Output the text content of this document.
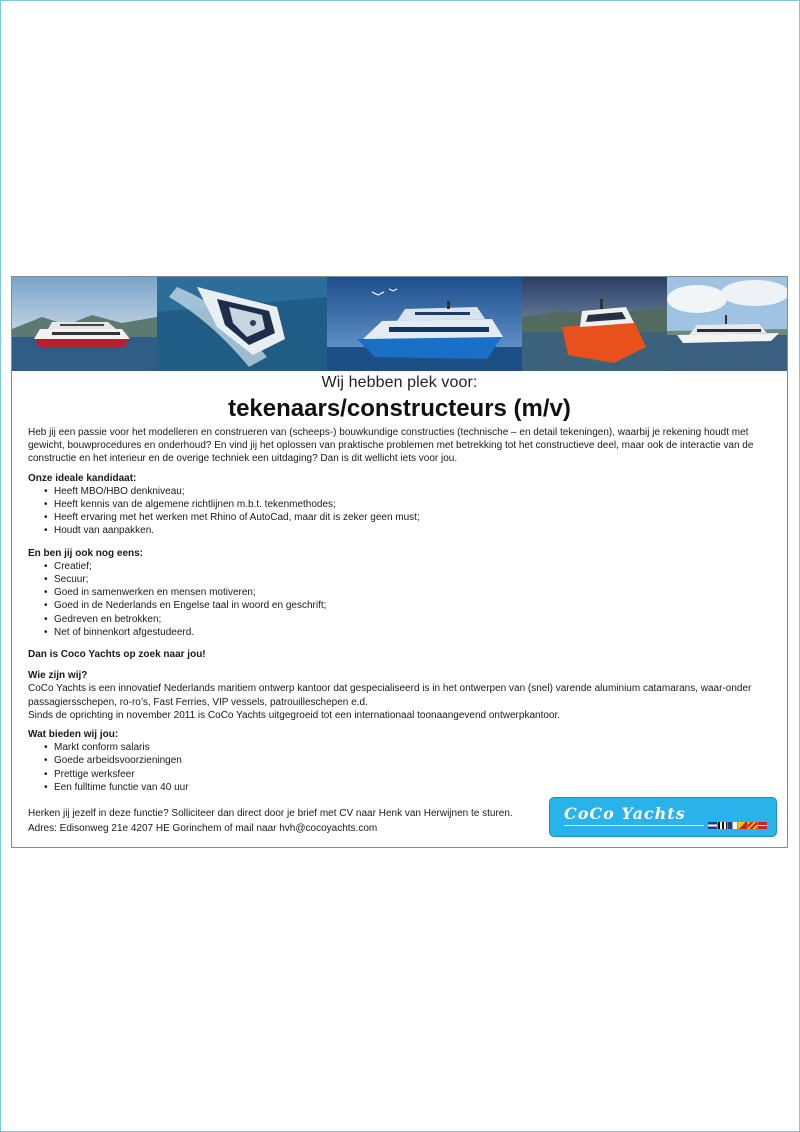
Wij hebben plek voor:
tekenaars/constructeurs (m/v)

Heb jij een passie voor het modelleren en construeren van (scheeps-) bouwkundige constructies (technische – en detail tekeningen), waarbij je rekening houdt met gewicht, bouwprocedures en onderhoud? En vind jij het oplossen van praktische problemen met betrekking tot het constructieve deel, maar ook de interactie van de constructie en het interieur en de overige techniek een uitdaging? Dan is dit wellicht iets voor jou.

Onze ideale kandidaat:

• Heeft MBO/HBO denkniveau;
• Heeft kennis van de algemene richtlijnen m.b.t. tekenmethodes;
• Heeft ervaring met het werken met Rhino of AutoCad, maar dit is zeker geen must;
• Houdt van aanpakken.

En ben jij ook nog eens:

• Creatief;
• Secuur;
• Goed in samenwerken en mensen motiveren;
• Goed in de Nederlands en Engelse taal in woord en geschrift;
• Gedreven en betrokken;
• Net of binnenkort afgestudeerd.

Dan is Coco Yachts op zoek naar jou!

Wie zijn wij?

CoCo Yachts is een innovatief Nederlands maritiem ontwerp kantoor dat gespecialiseerd is in het ontwerpen van (snel) varende aluminium catamarans, waar-onder passagiersschepen, ro-ro’s, Fast Ferries, VIP vessels, patrouilleschepen e.d.

Sinds de oprichting in november 2011 is CoCo Yachts uitgegroeid tot een internationaal toonaangevend ontwerpkantoor.

Wat bieden wij jou:

• Markt conform salaris
• Goede arbeidsvoorzieningen
• Prettige werksfeer
• Een fulltime functie van 40 uur
Herken jij jezelf in deze functie? Solliciteer dan direct door je brief met CV naar Henk van Herwijnen te sturen.
Adres: Edisonweg 21e 4207 HE Gorinchem of mail naar hvh@cocoyachts.com
CoCo Yachts
